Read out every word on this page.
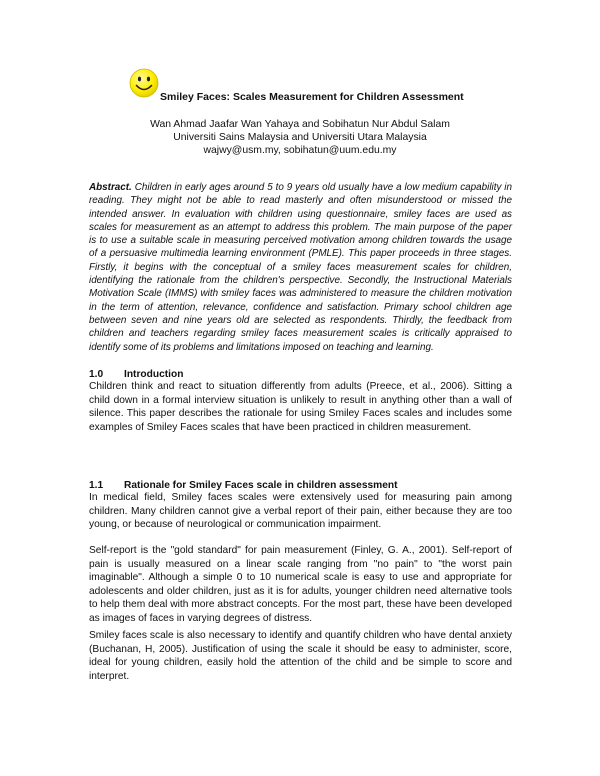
Smiley Faces: Scales Measurement for Children Assessment
Wan Ahmad Jaafar Wan Yahaya and Sobihatun Nur Abdul Salam
Universiti Sains Malaysia and Universiti Utara Malaysia
wajwy@usm.my, sobihatun@uum.edu.my

Abstract. Children in early ages around 5 to 9 years old usually have a low medium capability in reading. They might not be able to read masterly and often misunderstood or missed the intended answer. In evaluation with children using questionnaire, smiley faces are used as scales for measurement as an attempt to address this problem. The main purpose of the paper is to use a suitable scale in measuring perceived motivation among children towards the usage of a persuasive multimedia learning environment (PMLE). This paper proceeds in three stages. Firstly, it begins with the conceptual of a smiley faces measurement scales for children, identifying the rationale from the children's perspective. Secondly, the Instructional Materials Motivation Scale (IMMS) with smiley faces was administered to measure the children motivation in the term of attention, relevance, confidence and satisfaction. Primary school children age between seven and nine years old are selected as respondents. Thirdly, the feedback from children and teachers regarding smiley faces measurement scales is critically appraised to identify some of its problems and limitations imposed on teaching and learning.

1.0 Introduction

Children think and react to situation differently from adults (Preece, et al., 2006). Sitting a child down in a formal interview situation is unlikely to result in anything other than a wall of silence. This paper describes the rationale for using Smiley Faces scales and includes some examples of Smiley Faces scales that have been practiced in children measurement.

1.1 Rationale for Smiley Faces scale in children assessment

In medical field, Smiley faces scales were extensively used for measuring pain among children. Many children cannot give a verbal report of their pain, either because they are too young, or because of neurological or communication impairment.

Self-report is the "gold standard" for pain measurement (Finley, G. A., 2001). Self-report of pain is usually measured on a linear scale ranging from "no pain" to "the worst pain imaginable". Although a simple 0 to 10 numerical scale is easy to use and appropriate for adolescents and older children, just as it is for adults, younger children need alternative tools to help them deal with more abstract concepts. For the most part, these have been developed as images of faces in varying degrees of distress.

Smiley faces scale is also necessary to identify and quantify children who have dental anxiety (Buchanan, H, 2005). Justification of using the scale it should be easy to administer, score, ideal for young children, easily hold the attention of the child and be simple to score and interpret.
